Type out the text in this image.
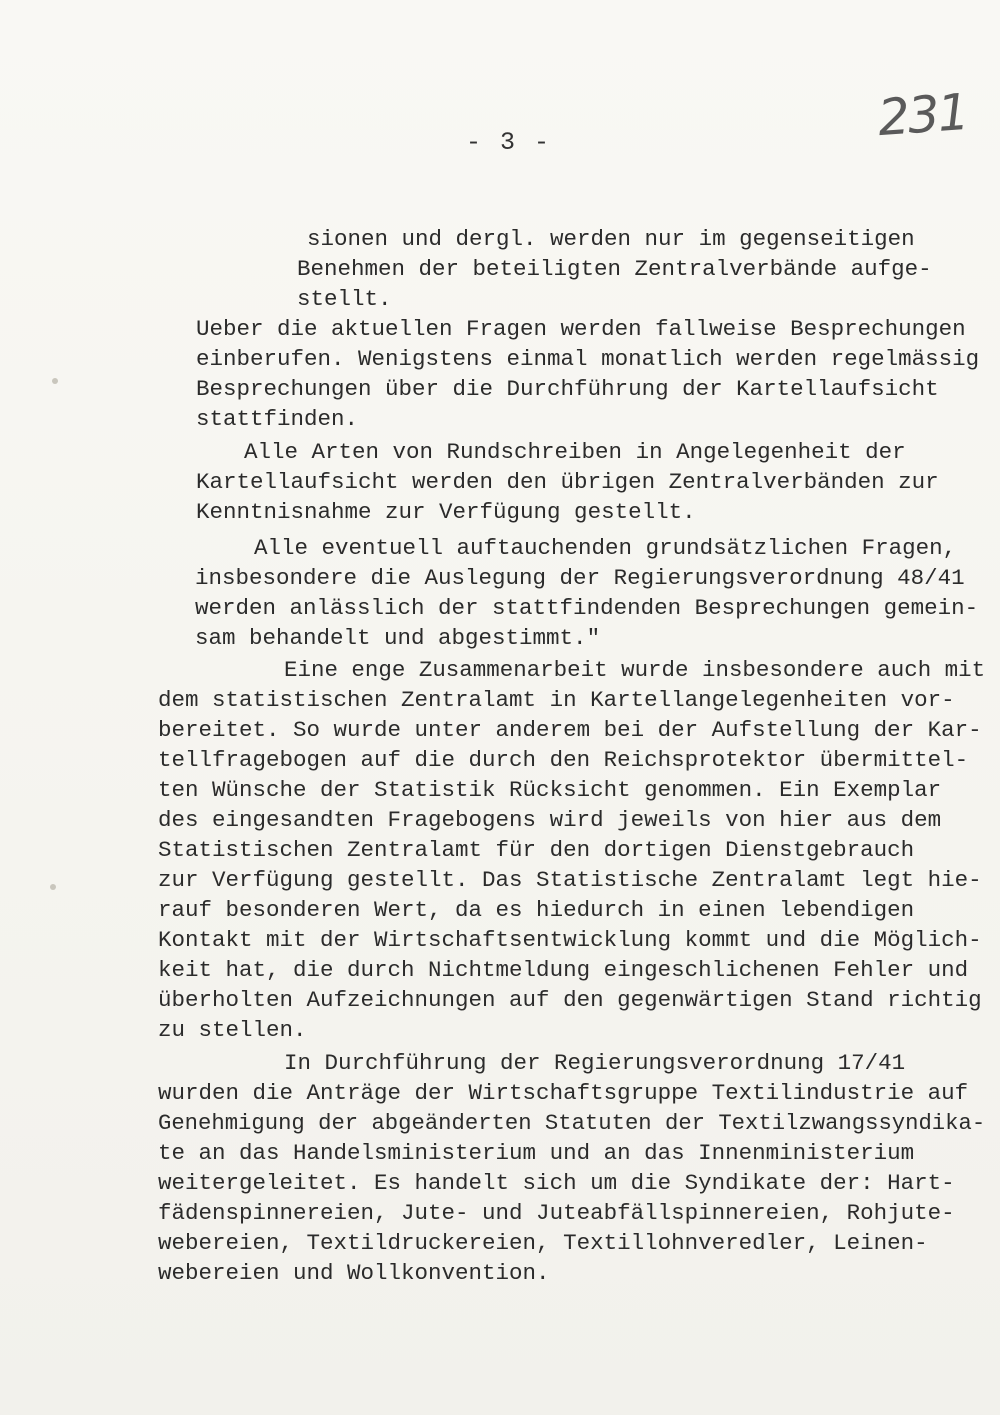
231
- 3 -
sionen und dergl. werden nur im gegenseitigen
Benehmen der beteiligten Zentralverbände aufge-
stellt.
Ueber die aktuellen Fragen werden fallweise Besprechungen
einberufen. Wenigstens einmal monatlich werden regelmässig
Besprechungen über die Durchführung der Kartellaufsicht
stattfinden.
Alle Arten von Rundschreiben in Angelegenheit der
Kartellaufsicht werden den übrigen Zentralverbänden zur
Kenntnisnahme zur Verfügung gestellt.
Alle eventuell auftauchenden grundsätzlichen Fragen,
insbesondere die Auslegung der Regierungsverordnung 48/41
werden anlässlich der stattfindenden Besprechungen gemein-
sam behandelt und abgestimmt."
Eine enge Zusammenarbeit wurde insbesondere auch mit
dem statistischen Zentralamt in Kartellangelegenheiten vor-
bereitet. So wurde unter anderem bei der Aufstellung der Kar-
tellfragebogen auf die durch den Reichsprotektor übermittel-
ten Wünsche der Statistik Rücksicht genommen. Ein Exemplar
des eingesandten Fragebogens wird jeweils von hier aus dem
Statistischen Zentralamt für den dortigen Dienstgebrauch
zur Verfügung gestellt. Das Statistische Zentralamt legt hie-
rauf besonderen Wert, da es hiedurch in einen lebendigen
Kontakt mit der Wirtschaftsentwicklung kommt und die Möglich-
keit hat, die durch Nichtmeldung eingeschlichenen Fehler und
überholten Aufzeichnungen auf den gegenwärtigen Stand richtig
zu stellen.
In Durchführung der Regierungsverordnung 17/41
wurden die Anträge der Wirtschaftsgruppe Textilindustrie auf
Genehmigung der abgeänderten Statuten der Textilzwangssyndika-
te an das Handelsministerium und an das Innenministerium
weitergeleitet. Es handelt sich um die Syndikate der: Hart-
fädenspinnereien, Jute- und Juteabfällspinnereien, Rohjute-
webereien, Textildruckereien, Textillohnveredler, Leinen-
webereien und Wollkonvention.
